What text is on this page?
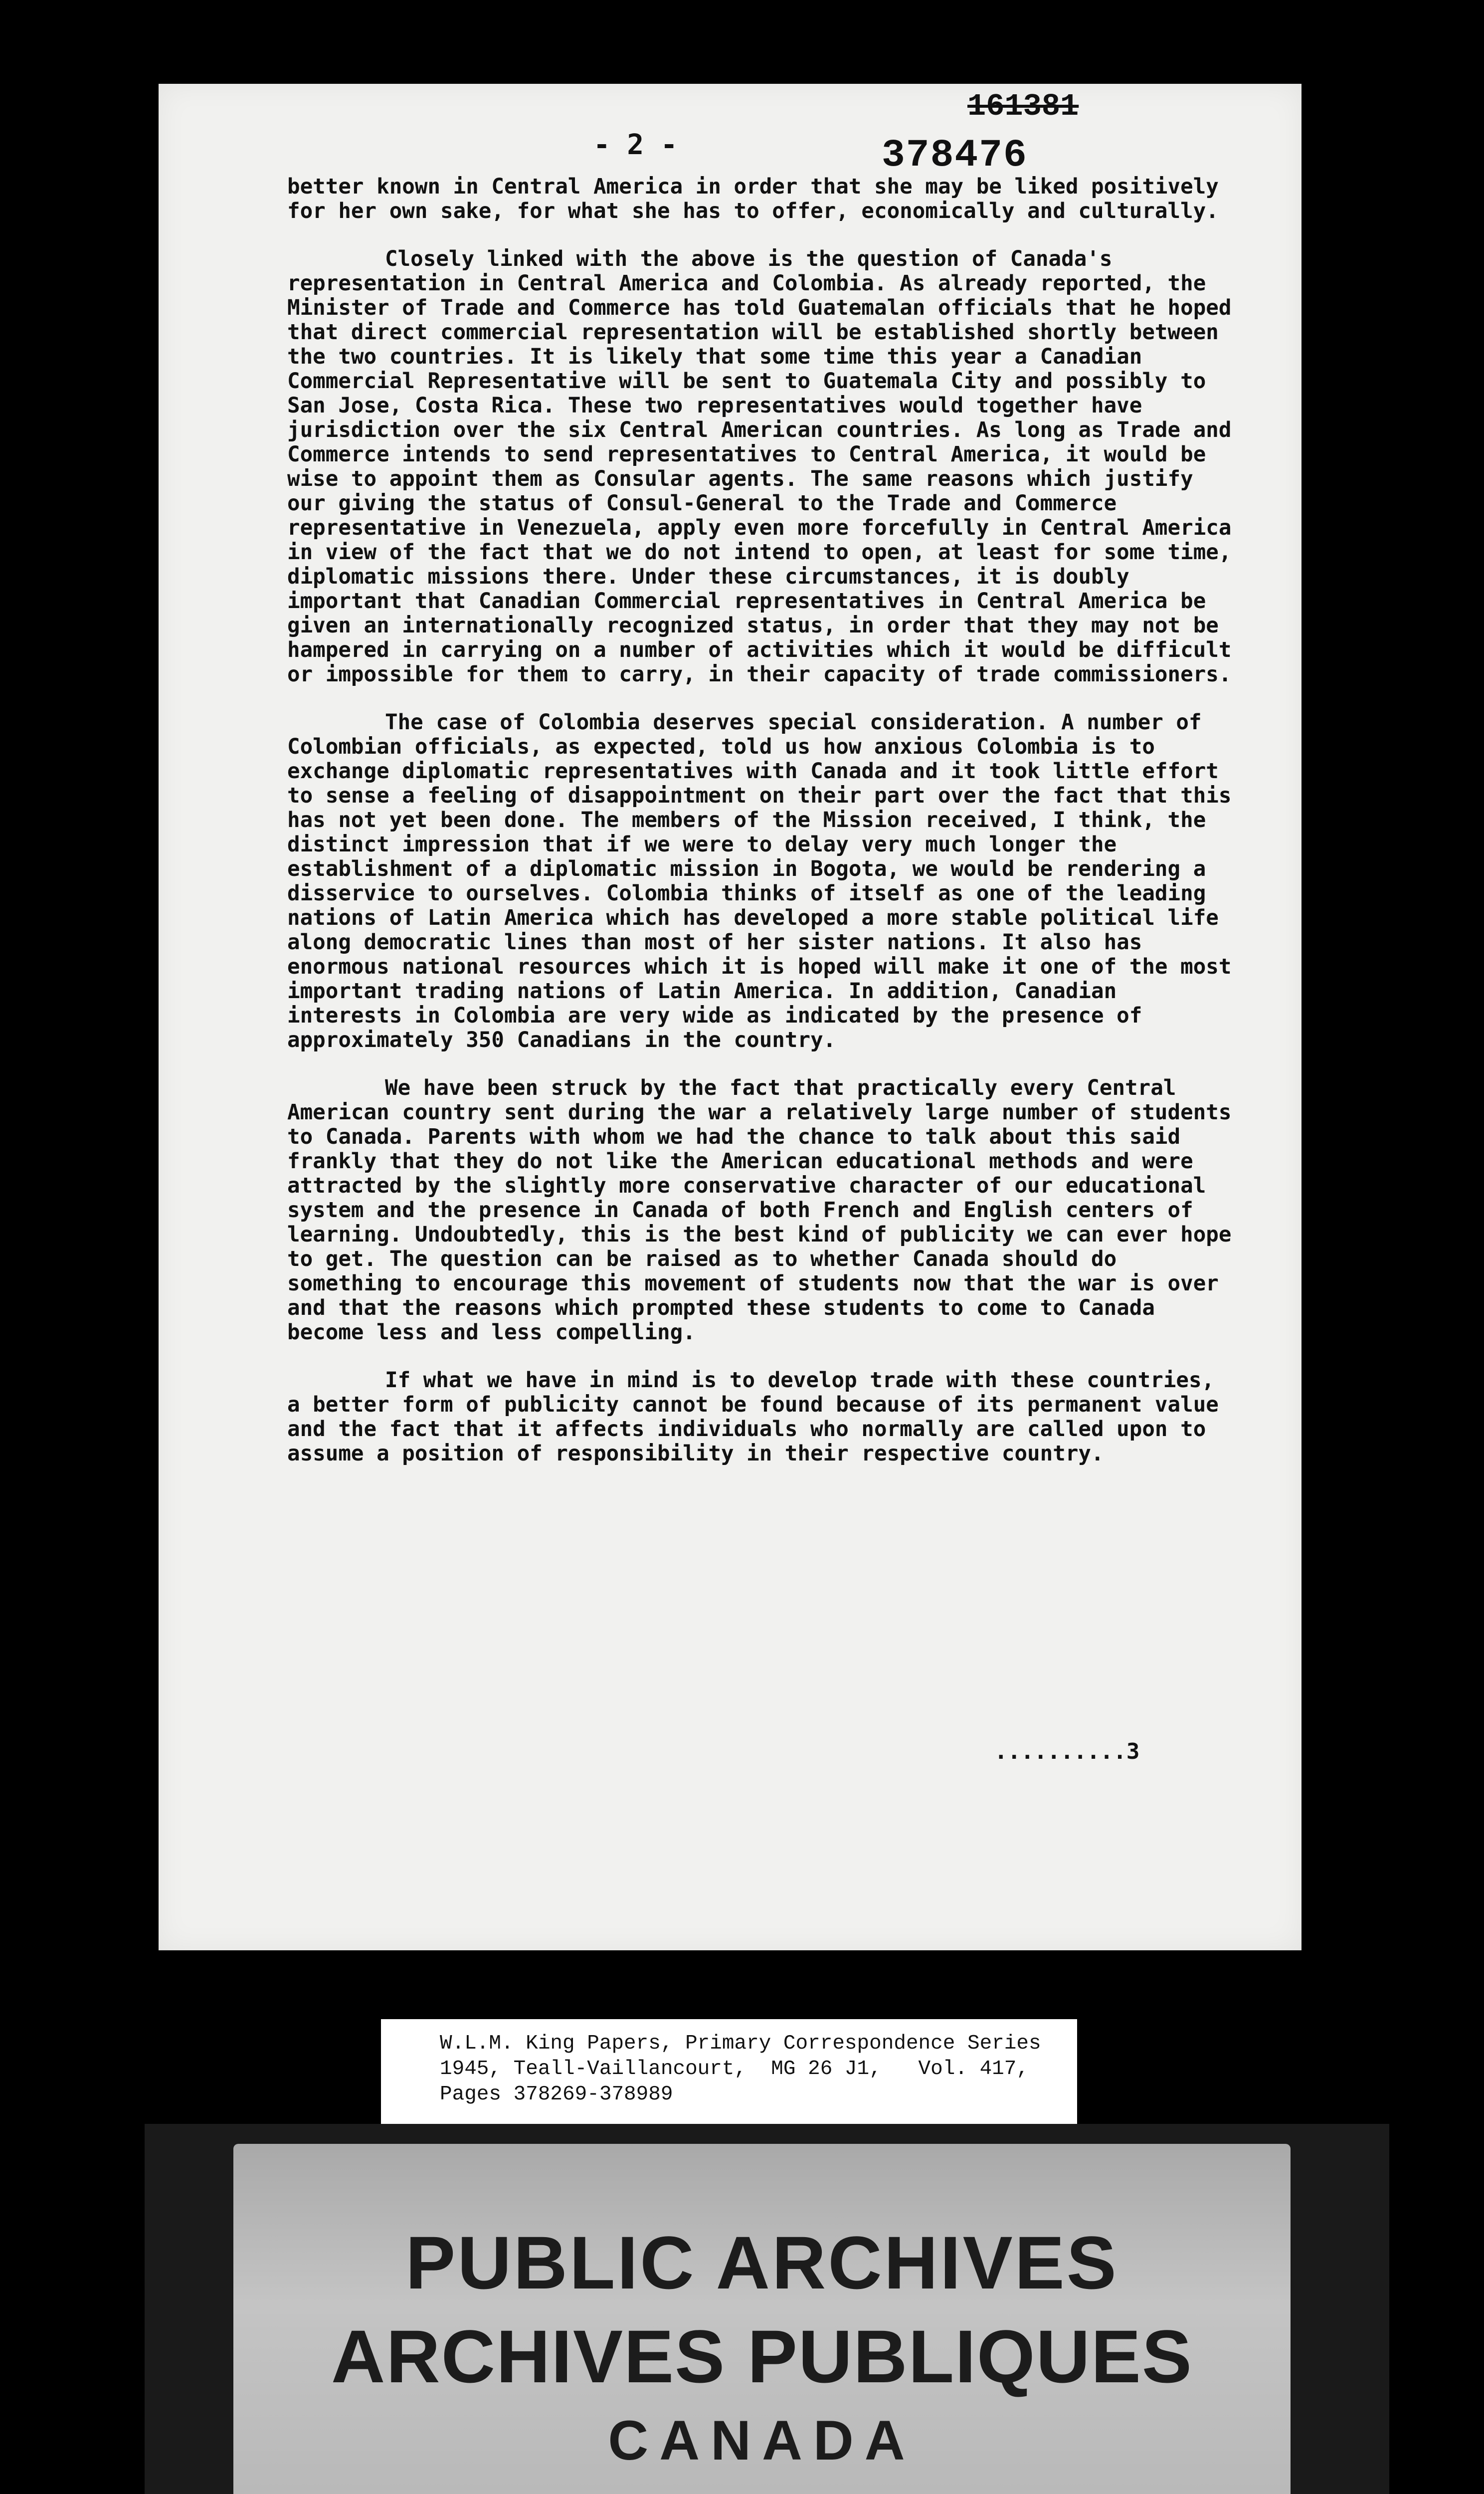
- 2 -

161381

378476

better known in Central America in order that she may be liked positively for her own sake, for what she has to offer, economically and culturally.

Closely linked with the above is the question of Canada's representation in Central America and Colombia. As already reported, the Minister of Trade and Commerce has told Guatemalan officials that he hoped that direct commercial representation will be established shortly between the two countries. It is likely that some time this year a Canadian Commercial Representative will be sent to Guatemala City and possibly to San Jose, Costa Rica. These two representatives would together have jurisdiction over the six Central American countries. As long as Trade and Commerce intends to send representatives to Central America, it would be wise to appoint them as Consular agents. The same reasons which justify our giving the status of Consul-General to the Trade and Commerce representative in Venezuela, apply even more forcefully in Central America in view of the fact that we do not intend to open, at least for some time, diplomatic missions there. Under these circumstances, it is doubly important that Canadian Commercial representatives in Central America be given an internationally recognized status, in order that they may not be hampered in carrying on a number of activities which it would be difficult or impossible for them to carry, in their capacity of trade commissioners.

The case of Colombia deserves special consideration. A number of Colombian officials, as expected, told us how anxious Colombia is to exchange diplomatic representatives with Canada and it took little effort to sense a feeling of disappointment on their part over the fact that this has not yet been done. The members of the Mission received, I think, the distinct impression that if we were to delay very much longer the establishment of a diplomatic mission in Bogota, we would be rendering a disservice to ourselves. Colombia thinks of itself as one of the leading nations of Latin America which has developed a more stable political life along democratic lines than most of her sister nations. It also has enormous national resources which it is hoped will make it one of the most important trading nations of Latin America. In addition, Canadian interests in Colombia are very wide as indicated by the presence of approximately 350 Canadians in the country.

We have been struck by the fact that practically every Central American country sent during the war a relatively large number of students to Canada. Parents with whom we had the chance to talk about this said frankly that they do not like the American educational methods and were attracted by the slightly more conservative character of our educational system and the presence in Canada of both French and English centers of learning. Undoubtedly, this is the best kind of publicity we can ever hope to get. The question can be raised as to whether Canada should do something to encourage this movement of students now that the war is over and that the reasons which prompted these students to come to Canada become less and less compelling.

If what we have in mind is to develop trade with these countries, a better form of publicity cannot be found because of its permanent value and the fact that it affects individuals who normally are called upon to assume a position of responsibility in their respective country.

..........3

W.L.M. King Papers, Primary Correspondence Series
1945, Teall-Vaillancourt,  MG 26 J1,   Vol. 417,
Pages 378269-378989

PUBLIC ARCHIVES

ARCHIVES PUBLIQUES

CANADA
